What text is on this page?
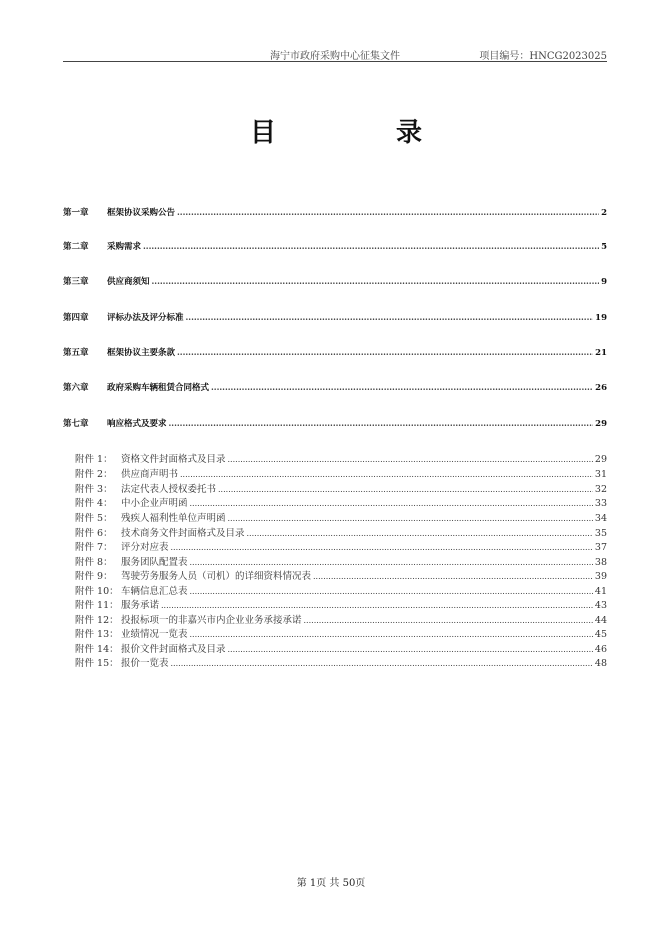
海宁市政府采购中心征集文件	项目编号：HNCG2023025
目	录
第一章 框架协议采购公告 .....	2
第二章 采购需求 .....	5
第三章 供应商须知 .....	9
第四章 评标办法及评分标准 .....	19
第五章 框架协议主要条款 .....	21
第六章 政府采购车辆租赁合同格式 .....	26
第七章 响应格式及要求 .....	29
附件 1： 资格文件封面格式及目录 .....	29
附件 2： 供应商声明书 .....	31
附件 3： 法定代表人授权委托书 .....	32
附件 4： 中小企业声明函 .....	33
附件 5： 残疾人福利性单位声明函 .....	34
附件 6： 技术商务文件封面格式及目录 .....	35
附件 7： 评分对应表 .....	37
附件 8： 服务团队配置表 .....	38
附件 9： 驾驶劳务服务人员（司机）的详细资料情况表 .....	39
附件 10： 车辆信息汇总表 .....	41
附件 11： 服务承诺 .....	43
附件 12： 投报标项一的非嘉兴市内企业业务承接承诺 .....	44
附件 13： 业绩情况一览表 .....	45
附件 14： 报价文件封面格式及目录 .....	46
附件 15： 报价一览表 .....	48
第 1页 共 50页
